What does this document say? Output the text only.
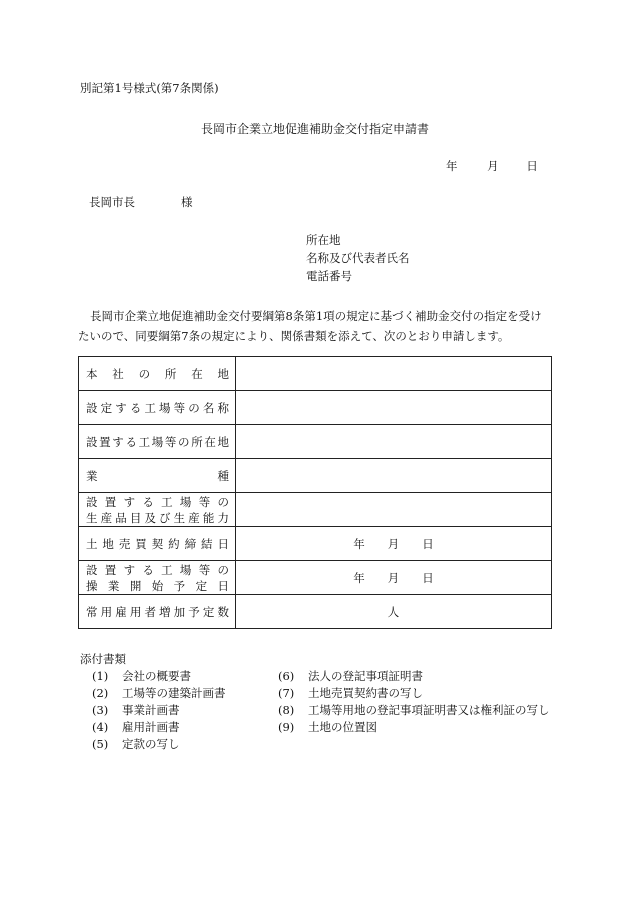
別記第1号様式(第7条関係)
長岡市企業立地促進補助金交付指定申請書
年	月 日
長岡市長	様
所在地
名称及び代表者氏名
電話番号

長岡市企業立地促進補助金交付要綱第8条第1項の規定に基づく補助金交付の指定を受け

たいので、同要綱第7条の規定により、関係書類を添えて、次のとおり申請します。

本社の所在地	

設定する工場等の名称	

設置する工場等の所在地	

業種	

設置する工場等の
生産品目及び生産能力	

土地売買契約締結日	年　　月　　日

設置する工場等の
操業開始予定日	年　　月　　日

常用雇用者増加予定数	人
添付書類
(1) 会社の概要書
(2) 工場等の建築計画書
(3) 事業計画書
(4) 雇用計画書
(5) 定款の写し
(6) 法人の登記事項証明書
(7) 土地売買契約書の写し
(8) 工場等用地の登記事項証明書又は権利証の写し
(9) 土地の位置図
